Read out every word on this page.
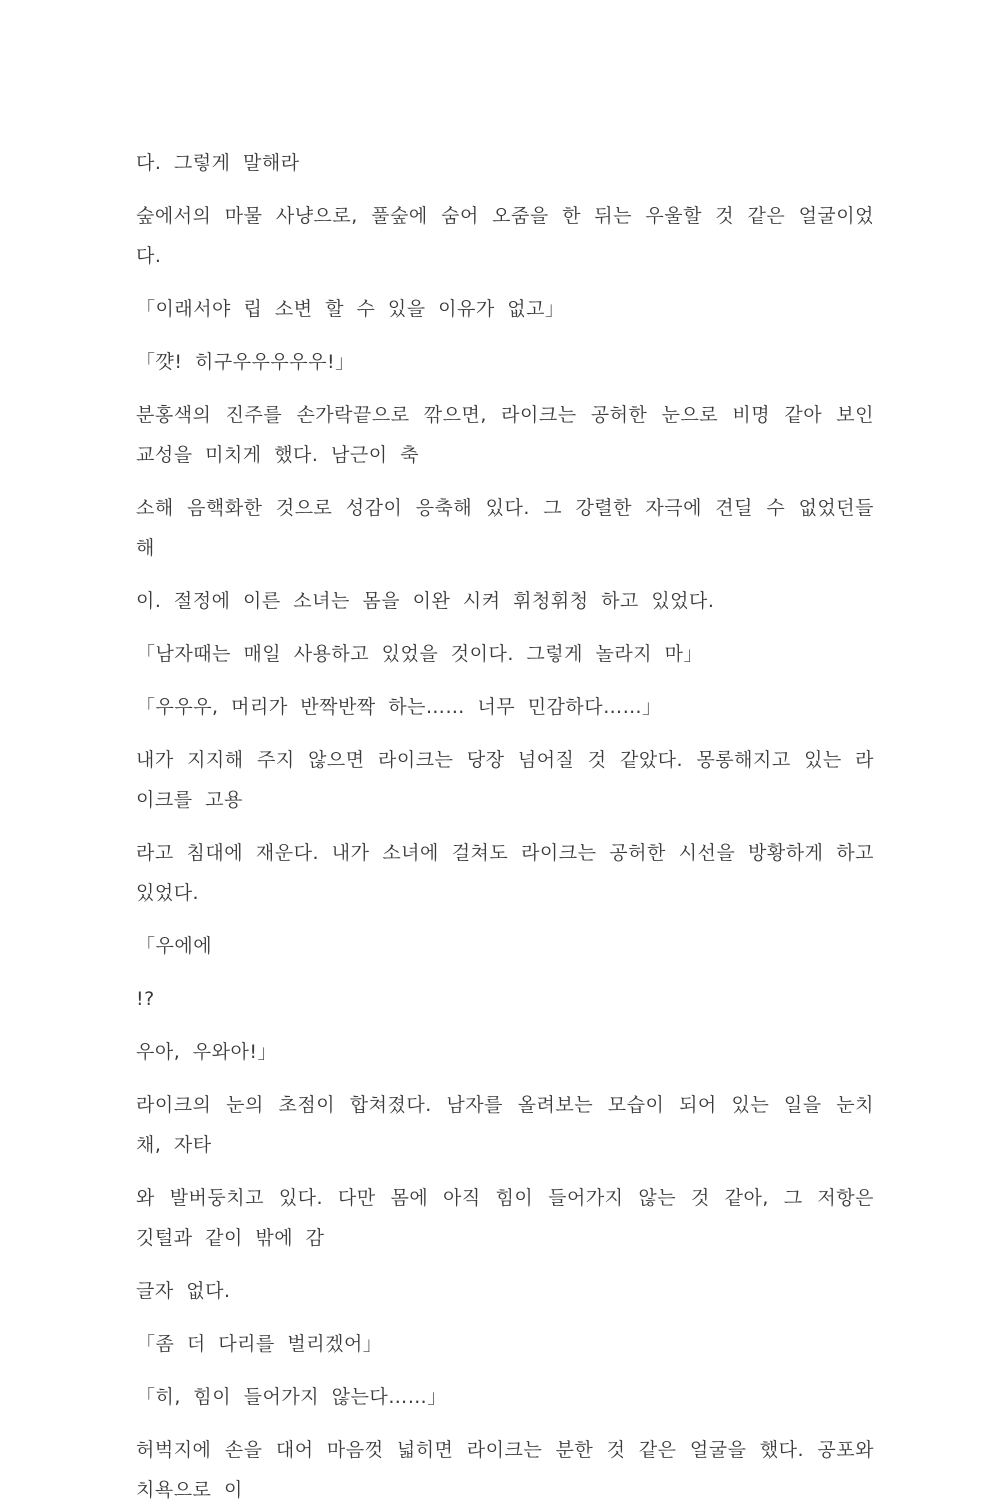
다. 그렇게 말해라

숲에서의 마물 사냥으로, 풀숲에 숨어 오줌을 한 뒤는 우울할 것 같은 얼굴이었다.

「이래서야 립 소변 할 수 있을 이유가 없고」

「꺗! 히구우우우우우!」

분홍색의 진주를 손가락끝으로 깎으면, 라이크는 공허한 눈으로 비명 같아 보인 교성을 미치게 했다. 남근이 축

소해 음핵화한 것으로 성감이 응축해 있다. 그 강렬한 자극에 견딜 수 없었던들 해

이. 절정에 이른 소녀는 몸을 이완 시켜 휘청휘청 하고 있었다.

「남자때는 매일 사용하고 있었을 것이다. 그렇게 놀라지 마」

「우우우, 머리가 반짝반짝 하는…… 너무 민감하다……」

내가 지지해 주지 않으면 라이크는 당장 넘어질 것 같았다. 몽롱해지고 있는 라이크를 고용

라고 침대에 재운다. 내가 소녀에 걸쳐도 라이크는 공허한 시선을 방황하게 하고 있었다.

「우에에

!?

우아, 우와아!」

라이크의 눈의 초점이 합쳐졌다. 남자를 올려보는 모습이 되어 있는 일을 눈치채, 자타

와 발버둥치고 있다. 다만 몸에 아직 힘이 들어가지 않는 것 같아, 그 저항은 깃털과 같이 밖에 감

글자 없다.

「좀 더 다리를 벌리겠어」

「히, 힘이 들어가지 않는다……」

허벅지에 손을 대어 마음껏 넓히면 라이크는 분한 것 같은 얼굴을 했다. 공포와 치욕으로 이
